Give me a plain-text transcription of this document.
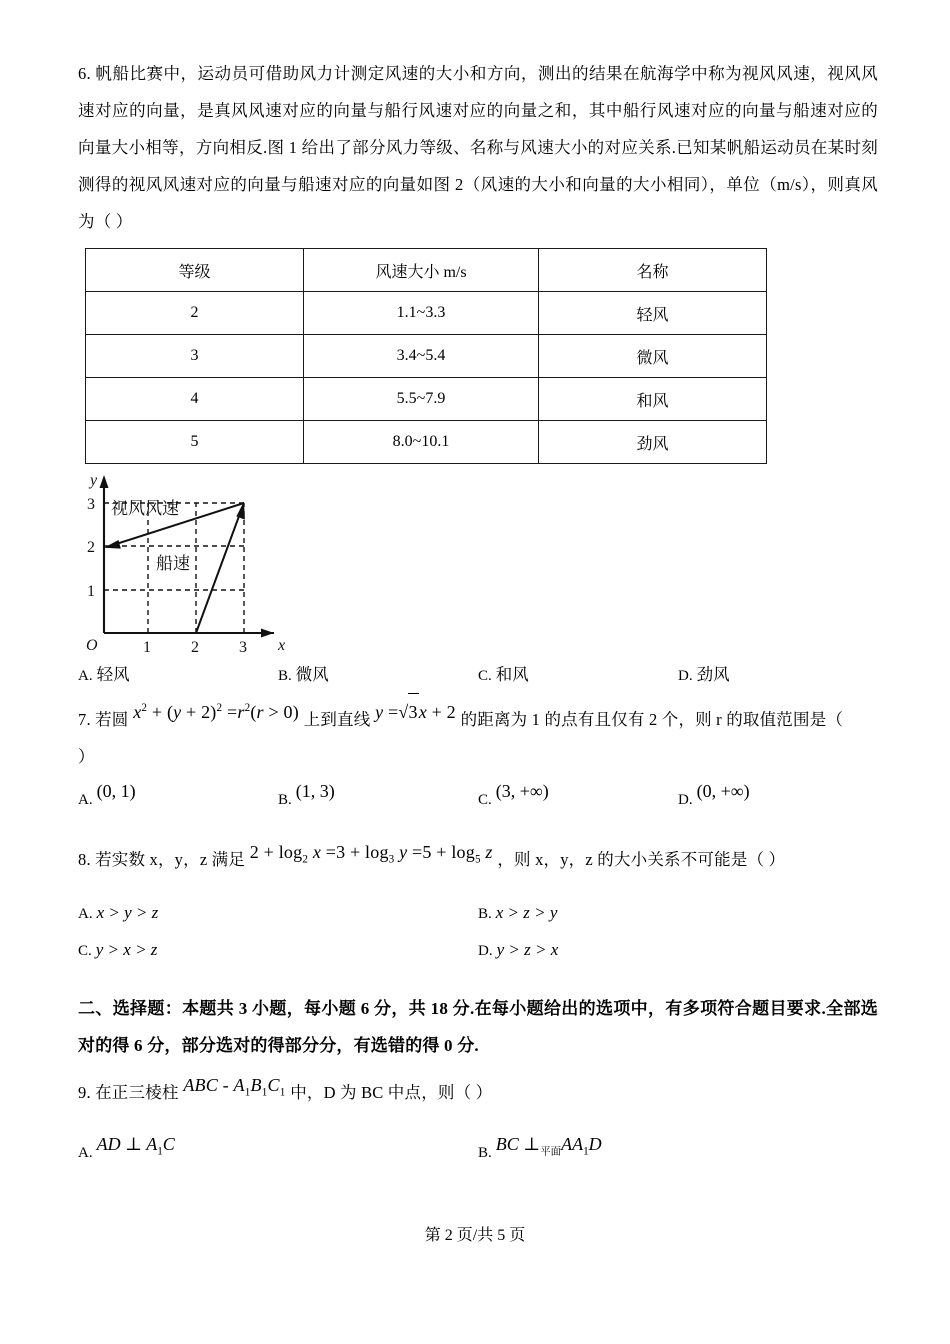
6. 帆船比赛中，运动员可借助风力计测定风速的大小和方向，测出的结果在航海学中称为视风风速，视风风速对应的向量，是真风风速对应的向量与船行风速对应的向量之和，其中船行风速对应的向量与船速对应的向量大小相等，方向相反.图 1 给出了部分风力等级、名称与风速大小的对应关系.已知某帆船运动员在某时刻测得的视风风速对应的向量与船速对应的向量如图 2（风速的大小和向量的大小相同），单位（m/s），则真风为（ ）
等级	风速大小 m/s	名称
2	1.1~3.3	轻风
3	3.4~5.4	微风
4	5.5~7.9	和风
5	8.0~10.1	劲风
y
x
O	1	2	3
1
2
3 视风风速
船速
A. 轻风	B. 微风	C. 和风	D. 劲风
7. 若圆 $x^2 + (y + 2)^2 =r^2(r > 0)$ 上到直线 y =√3x + 2 的距离为 1 的点有且仅有 2 个，则 r 的取值范围是（
）
A. (0, 1)	B. (1, 3)	C. (3, +∞)	D. (0, +∞)
8. 若实数 x，y，z 满足 $2 + \log_2 x =3 + \log_3 y =5 + \log_5 z$ ，则 x，y，z 的大小关系不可能是（ ）
A. x > y > z	B. x > z > y
C. y > x > z	D. y > z > x
二、选择题：本题共 3 小题，每小题 6 分，共 18 分.在每小题给出的选项中，有多项符合题目要求.全部选对的得 6 分，部分选对的得部分分，有选错的得 0 分.
9. 在正三棱柱 ABC - $A_1B_1C_1$ 中，D 为 BC 中点，则（ ）
A. AD ⊥ $A_1C$	B. BC $\perp_{平面}AA_1D$
第 2 页/共 5 页
